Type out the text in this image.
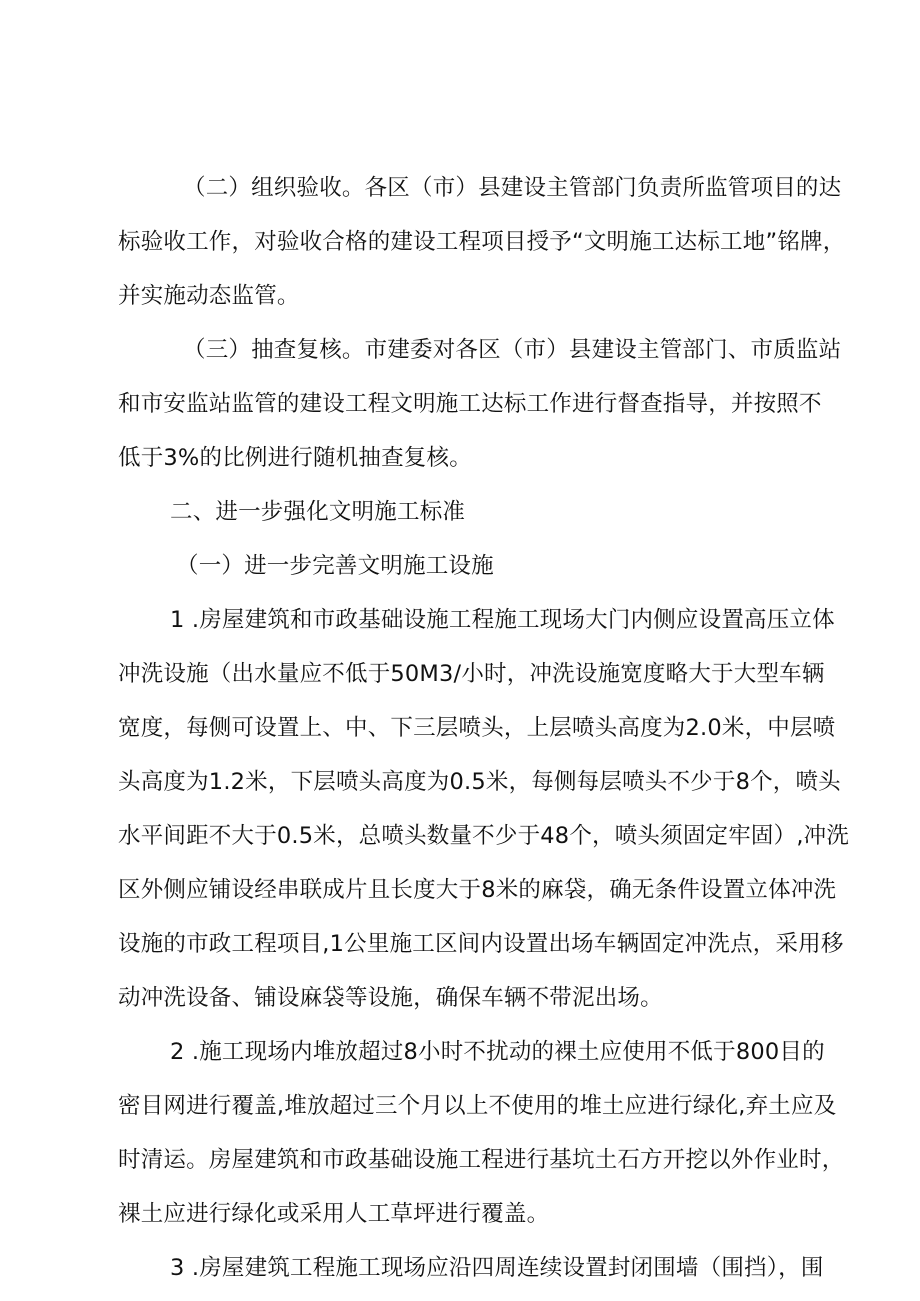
（二）组织验收。各区（市）县建设主管部门负责所监管项目的达
标验收工作，对验收合格的建设工程项目授予“文明施工达标工地”铭牌，
并实施动态监管。
（三）抽查复核。市建委对各区（市）县建设主管部门、市质监站
和市安监站监管的建设工程文明施工达标工作进行督查指导，并按照不
低于3%的比例进行随机抽查复核。
二、进一步强化文明施工标准
（一）进一步完善文明施工设施
1 .房屋建筑和市政基础设施工程施工现场大门内侧应设置高压立体
冲洗设施（出水量应不低于50M3/小时，冲洗设施宽度略大于大型车辆
宽度，每侧可设置上、中、下三层喷头，上层喷头高度为2.0米，中层喷
头高度为1.2米，下层喷头高度为0.5米，每侧每层喷头不少于8个，喷头
水平间距不大于0.5米，总喷头数量不少于48个，喷头须固定牢固）,冲洗
区外侧应铺设经串联成片且长度大于8米的麻袋，确无条件设置立体冲洗
设施的市政工程项目,1公里施工区间内设置出场车辆固定冲洗点，采用移
动冲洗设备、铺设麻袋等设施，确保车辆不带泥出场。
2 .施工现场内堆放超过8小时不扰动的裸土应使用不低于800目的
密目网进行覆盖,堆放超过三个月以上不使用的堆土应进行绿化,弃土应及
时清运。房屋建筑和市政基础设施工程进行基坑土石方开挖以外作业时，
裸土应进行绿化或采用人工草坪进行覆盖。
3 .房屋建筑工程施工现场应沿四周连续设置封闭围墙（围挡），围
